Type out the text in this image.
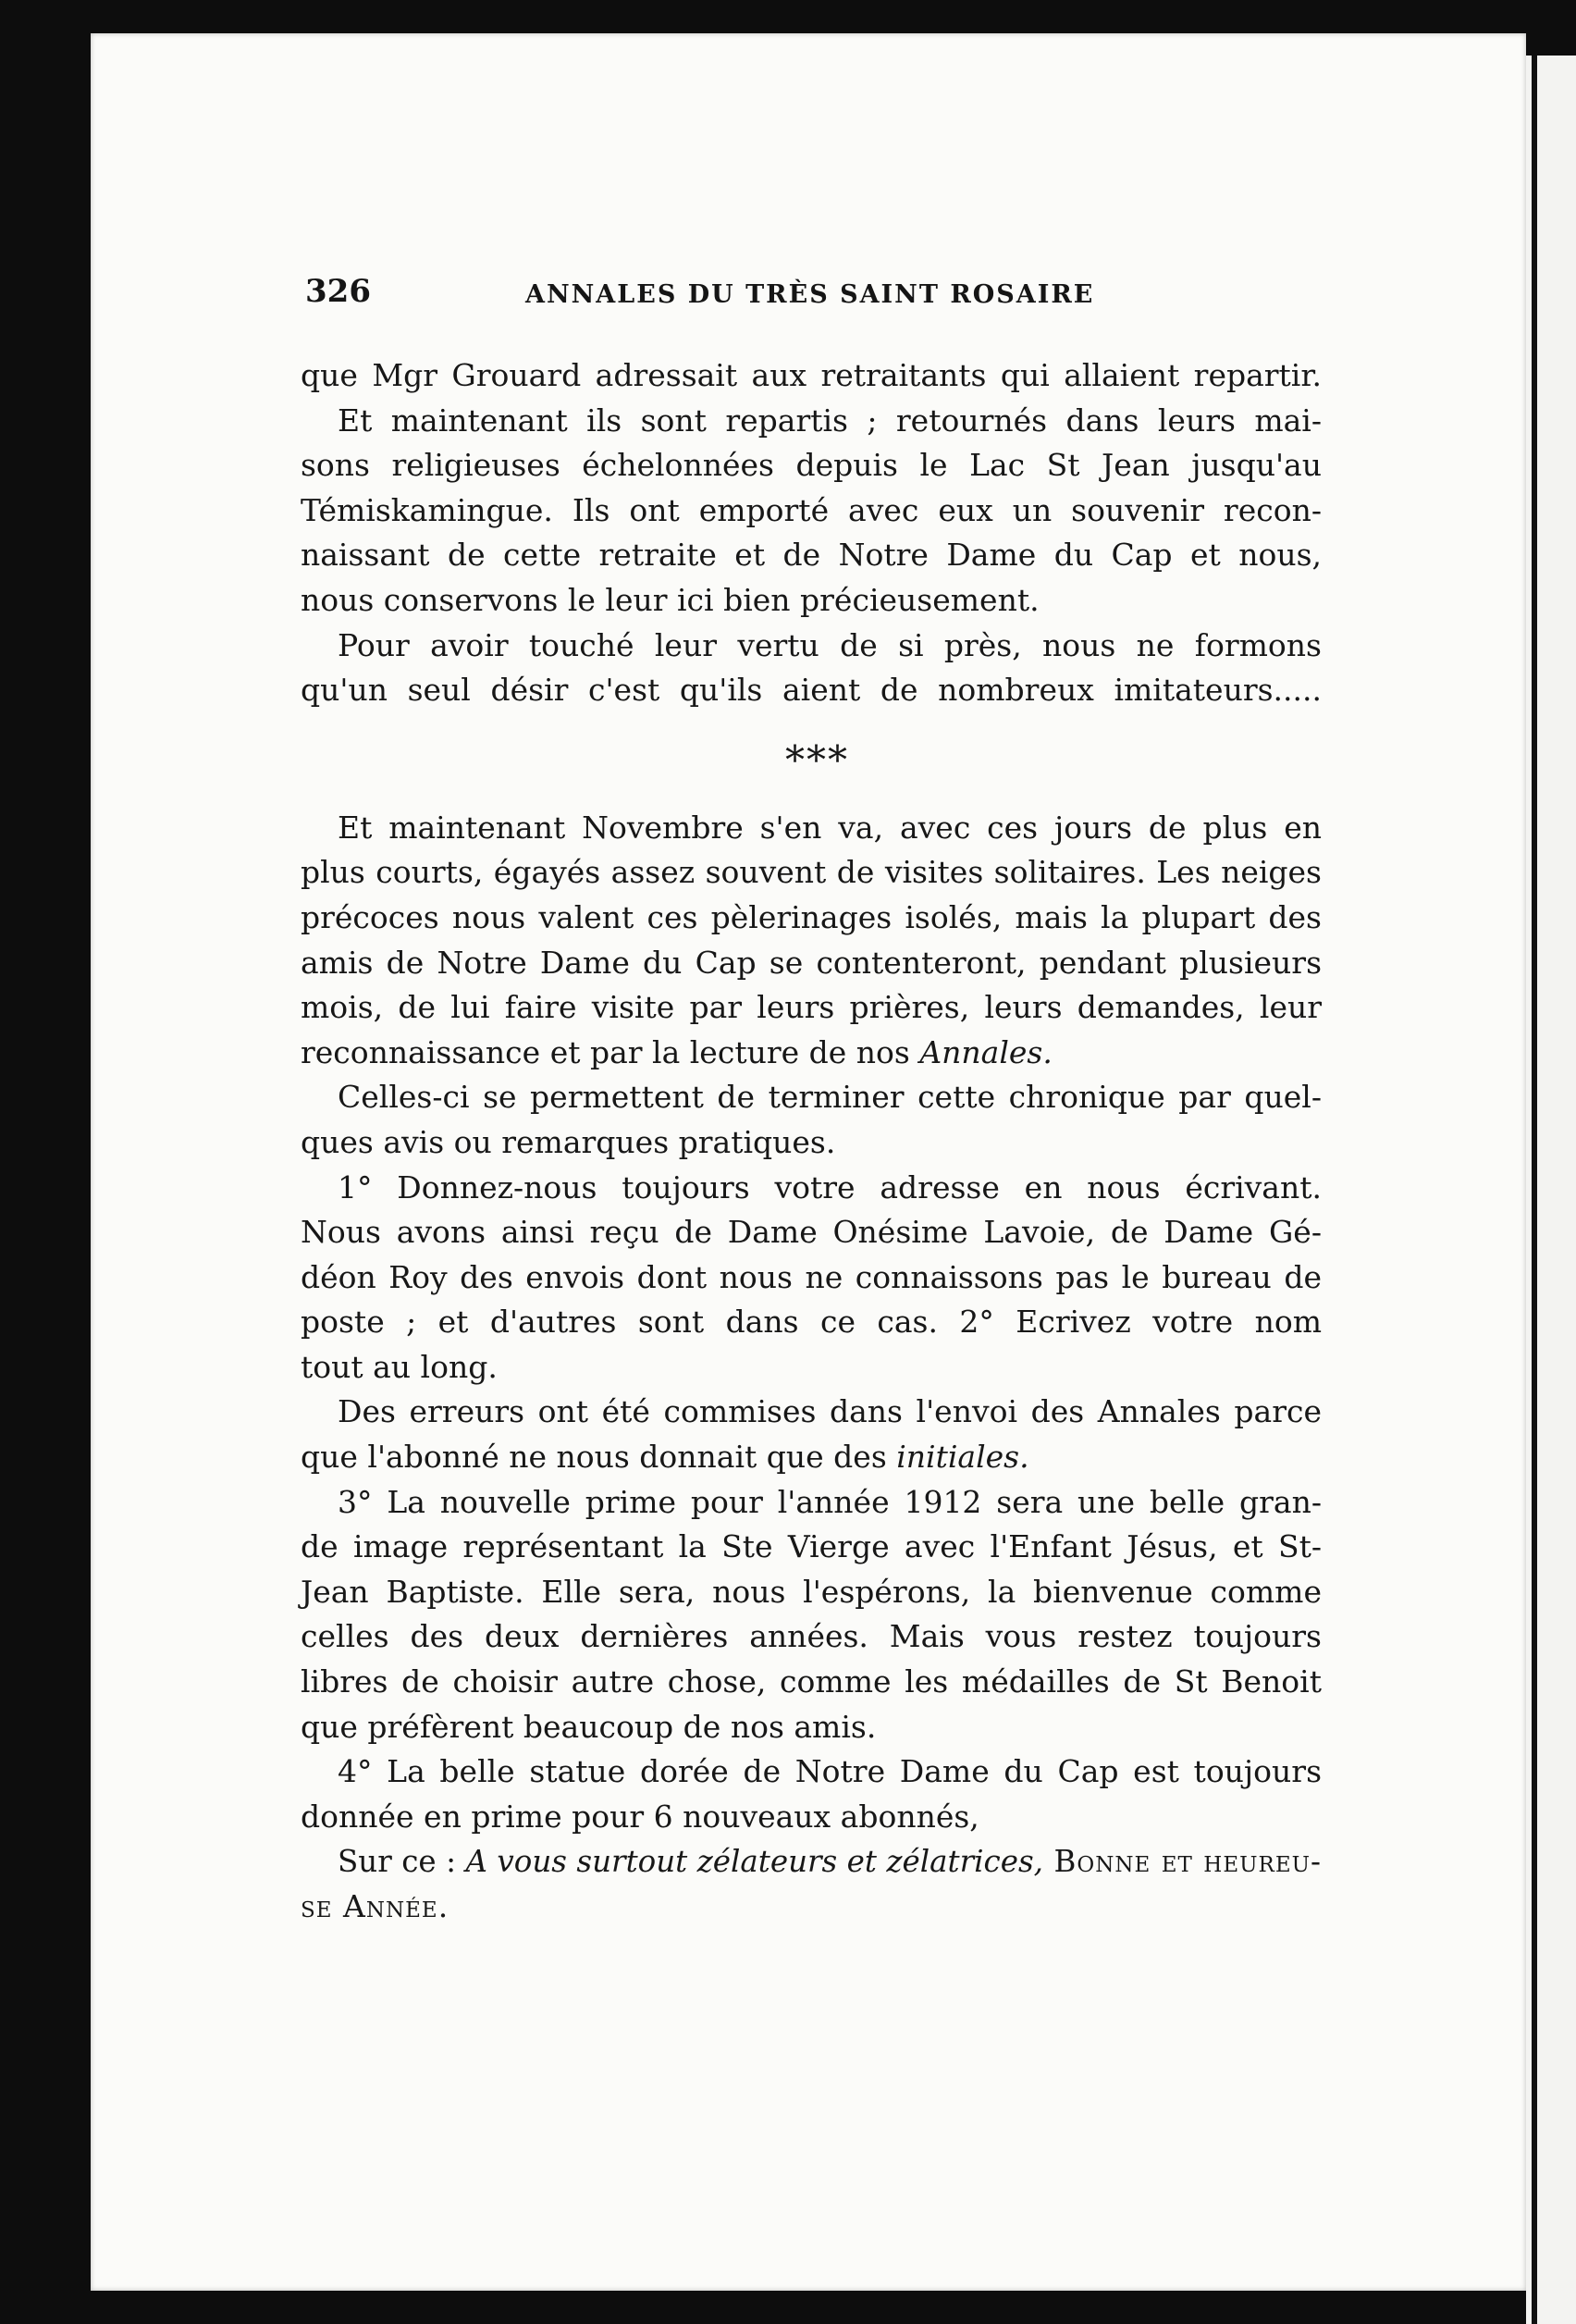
326	ANNALES DU TRÈS SAINT ROSAIRE

que Mgr Grouard adressait aux retraitants qui allaient repartir.

Et maintenant ils sont repartis ; retournés dans leurs mai-

sons religieuses échelonnées depuis le Lac St Jean jusqu'au

Témiskamingue. Ils ont emporté avec eux un souvenir recon-

naissant de cette retraite et de Notre Dame du Cap et nous,

nous conservons le leur ici bien précieusement.

Pour avoir touché leur vertu de si près, nous ne formons

qu'un seul désir c'est qu'ils aient de nombreux imitateurs.....

***

Et maintenant Novembre s'en va, avec ces jours de plus en

plus courts, égayés assez souvent de visites solitaires. Les neiges

précoces nous valent ces pèlerinages isolés, mais la plupart des

amis de Notre Dame du Cap se contenteront, pendant plusieurs

mois, de lui faire visite par leurs prières, leurs demandes, leur

reconnaissance et par la lecture de nos Annales.

Celles-ci se permettent de terminer cette chronique par quel-

ques avis ou remarques pratiques.

1° Donnez-nous toujours votre adresse en nous écrivant.

Nous avons ainsi reçu de Dame Onésime Lavoie, de Dame Gé-

déon Roy des envois dont nous ne connaissons pas le bureau de

poste ; et d'autres sont dans ce cas. 2° Ecrivez votre nom

tout au long.

Des erreurs ont été commises dans l'envoi des Annales parce

que l'abonné ne nous donnait que des initiales.

3° La nouvelle prime pour l'année 1912 sera une belle gran-

de image représentant la Ste Vierge avec l'Enfant Jésus, et St-

Jean Baptiste. Elle sera, nous l'espérons, la bienvenue comme

celles des deux dernières années. Mais vous restez toujours

libres de choisir autre chose, comme les médailles de St Benoit

que préfèrent beaucoup de nos amis.

4° La belle statue dorée de Notre Dame du Cap est toujours

donnée en prime pour 6 nouveaux abonnés,

Sur ce : A vous surtout zélateurs et zélatrices, Bonne et heureu-

se Année.
